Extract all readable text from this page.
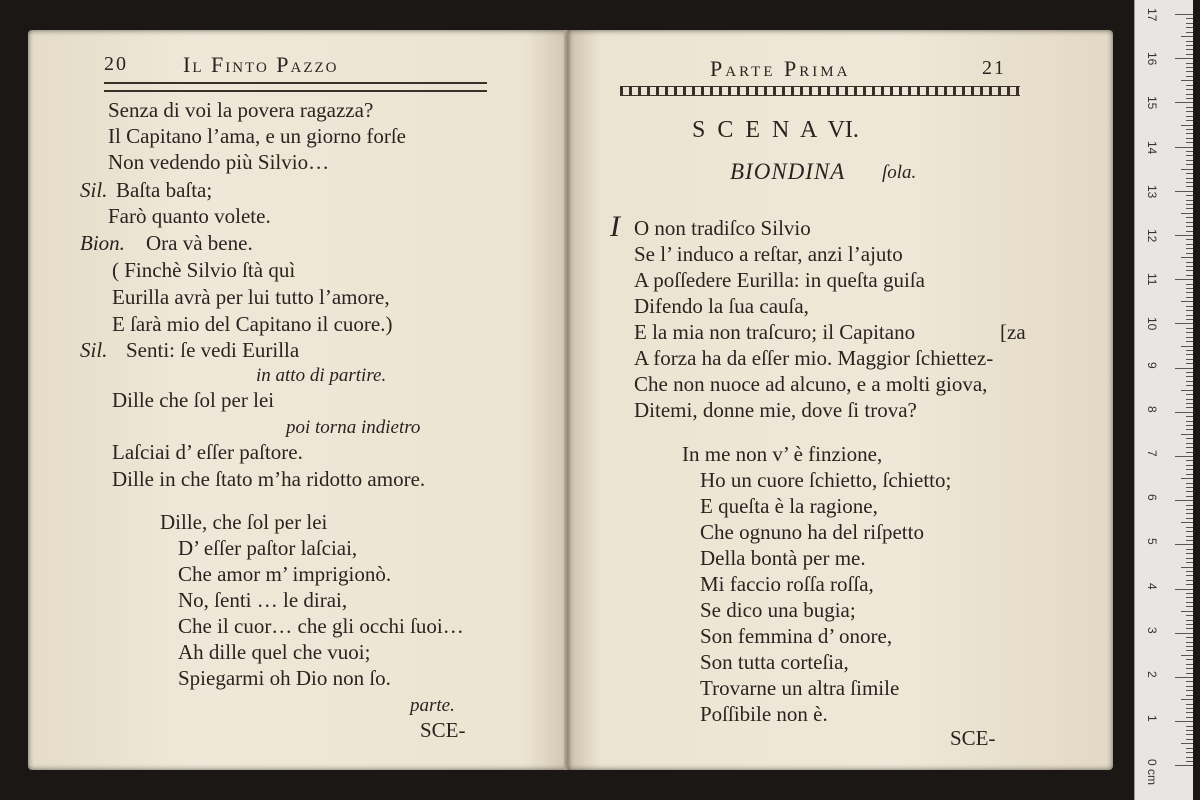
20	Il Finto Pazzo
Senza di voi la povera ragazza?
Il Capitano l’ama, e un giorno forſe
Non vedendo più Silvio…
Sil. Baſta baſta;
Farò quanto volete.
Bion. Ora và bene.
( Finchè Silvio ſtà quì
Eurilla avrà per lui tutto l’amore,
E ſarà mio del Capitano il cuore.)
Sil. Senti: ſe vedi Eurilla
in atto di partire.
Dille che ſol per lei
poi torna indietro
Laſciai d’ eſſer paſtore.
Dille in che ſtato m’ha ridotto amore.
Dille, che ſol per lei
D’ eſſer paſtor laſciai,
Che amor m’ imprigionò.
No, ſenti … le dirai,
Che il cuor… che gli occhi ſuoi…
Ah dille quel che vuoi;
Spiegarmi oh Dio non ſo.
parte.
SCE-
Parte Prima	21
S C E N A VI.
BIONDINA ſola.
I O non tradiſco Silvio
Se l’ induco a reſtar, anzi l’ajuto
A poſſedere Eurilla: in queſta guiſa
Difendo la ſua cauſa,
E la mia non traſcuro; il Capitano	[za
A forza ha da eſſer mio. Maggior ſchiettez-
Che non nuoce ad alcuno, e a molti giova,
Ditemi, donne mie, dove ſi trova?
In me non v’ è finzione,
Ho un cuore ſchietto, ſchietto;
E queſta è la ragione,
Che ognuno ha del riſpetto
Della bontà per me.
Mi faccio roſſa roſſa,
Se dico una bugia;
Son femmina d’ onore,
Son tutta corteſia,
Trovarne un altra ſimile
Poſſibile non è.
SCE-
17
16
15
14
13
12
11
10
9
8
7
6
5
4
3
2
1
0 cm
